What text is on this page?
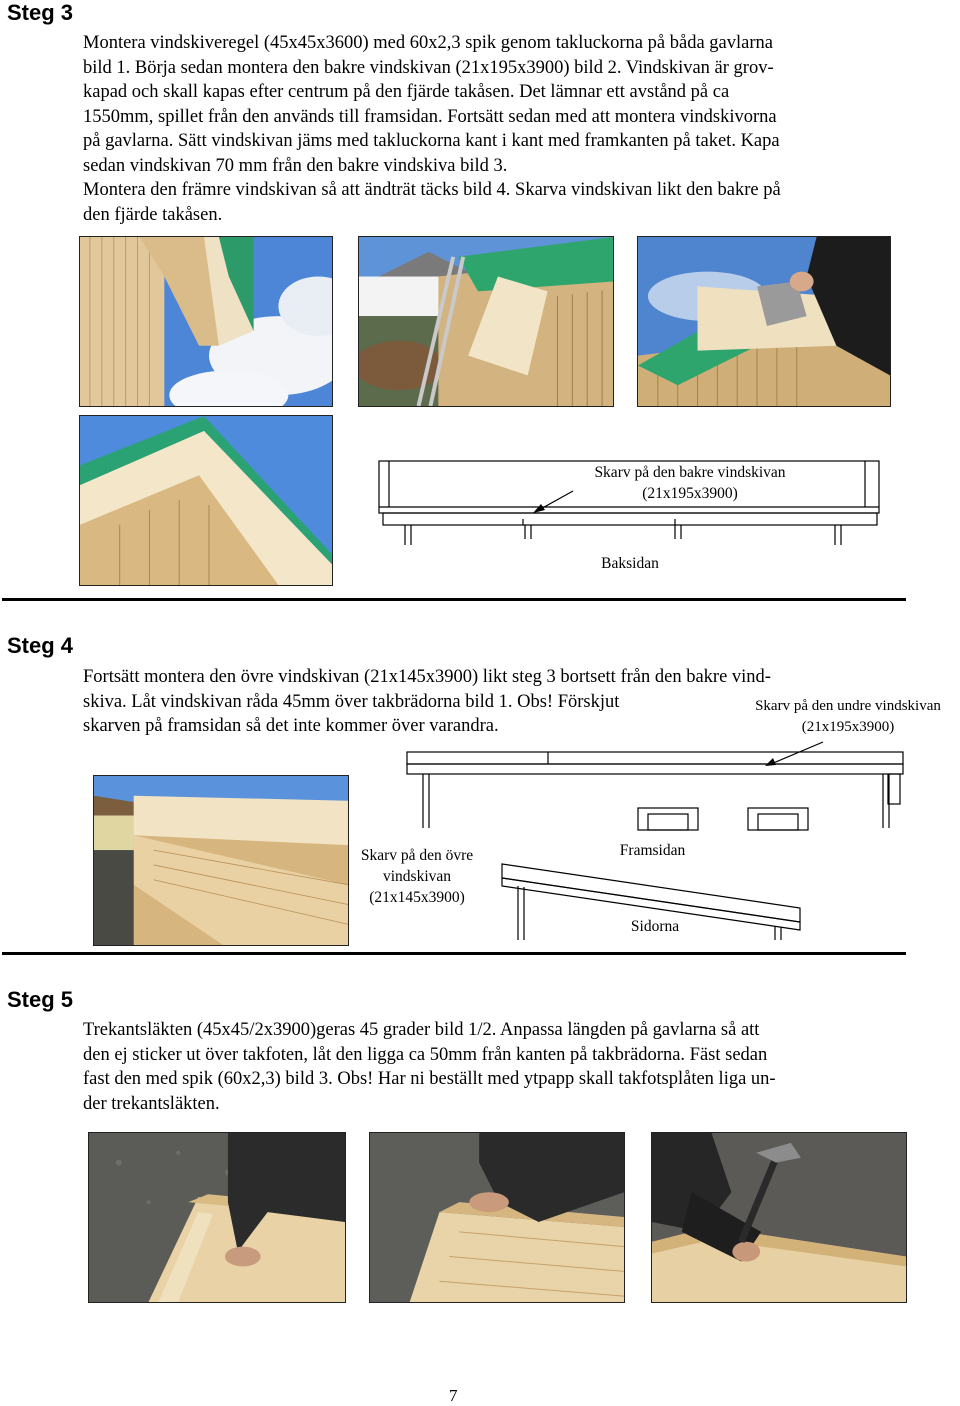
Steg 3
Montera vindskiveregel (45x45x3600) med 60x2,3 spik genom takluckorna på båda gavlarna
bild 1. Börja sedan montera den bakre vindskivan (21x195x3900) bild 2. Vindskivan är grov-
kapad och skall kapas efter centrum på den fjärde takåsen. Det lämnar ett avstånd på ca
1550mm, spillet från den används till framsidan. Fortsätt sedan med att montera vindskivorna
på gavlarna. Sätt vindskivan jäms med takluckorna kant i kant med framkanten på taket. Kapa
sedan vindskivan 70 mm från den bakre vindskiva bild 3.
Montera den främre vindskivan så att ändträt täcks bild 4. Skarva vindskivan likt den bakre på
den fjärde takåsen.
Skarv på den bakre vindskivan
(21x195x3900)
Baksidan
Steg 4
Fortsätt montera den övre vindskivan (21x145x3900) likt steg 3 bortsett från den bakre vind-
skiva. Låt vindskivan råda 45mm över takbrädorna bild 1. Obs! Förskjut
skarven på framsidan så det inte kommer över varandra.
Skarv på den undre vindskivan
(21x195x3900)
Skarv på den övre
vindskivan
(21x145x3900)
Framsidan
Sidorna
Steg 5
Trekantsläkten (45x45/2x3900)geras 45 grader bild 1/2. Anpassa längden på gavlarna så att
den ej sticker ut över takfoten, låt den ligga ca 50mm från kanten på takbrädorna. Fäst sedan
fast den med spik (60x2,3) bild 3. Obs! Har ni beställt med ytpapp skall takfotsplåten liga un-
der trekantsläkten.
7
